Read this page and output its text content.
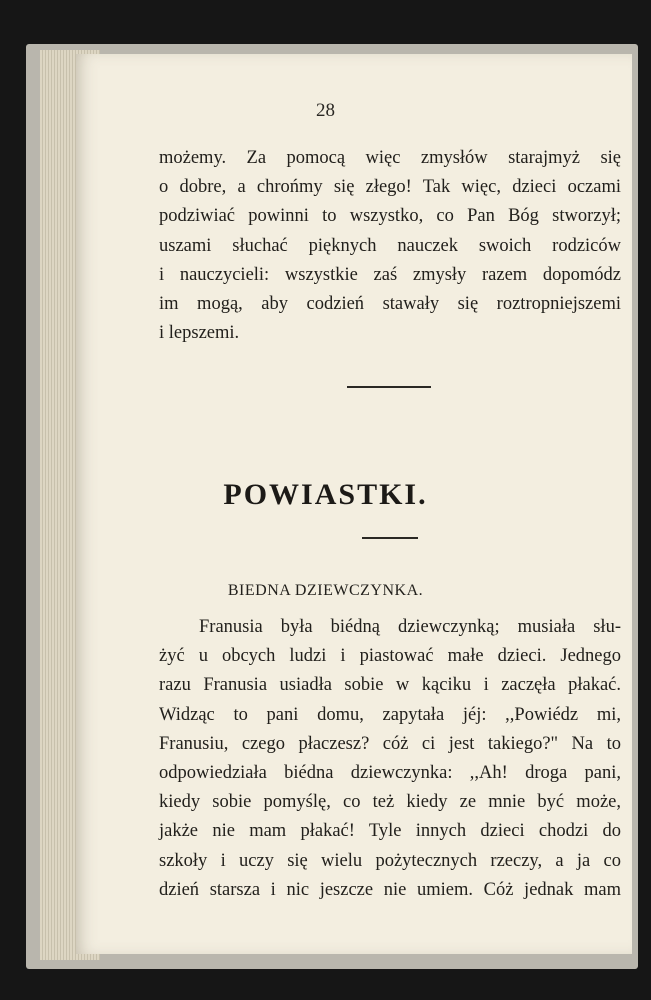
28
możemy. Za pomocą więc zmysłów starajmyż się
o dobre, a chrońmy się złego! Tak więc, dzieci oczami
podziwiać powinni to wszystko, co Pan Bóg stworzył;
uszami słuchać pięknych nauczek swoich rodziców
i nauczycieli: wszystkie zaś zmysły razem dopomódz
im mogą, aby codzień stawały się roztropniejszemi
i lepszemi.
POWIASTKI.
BIEDNA DZIEWCZYNKA.
Franusia była biédną dziewczynką; musiała słu-
żyć u obcych ludzi i piastować małe dzieci. Jednego
razu Franusia usiadła sobie w kąciku i zaczęła płakać.
Widząc to pani domu, zapytała jéj: ,,Powiédz mi,
Franusiu, czego płaczesz? cóż ci jest takiego?" Na to
odpowiedziała biédna dziewczynka: ,,Ah! droga pani,
kiedy sobie pomyślę, co też kiedy ze mnie być może,
jakże nie mam płakać! Tyle innych dzieci chodzi do
szkoły i uczy się wielu pożytecznych rzeczy, a ja co
dzień starsza i nic jeszcze nie umiem. Cóż jednak mam
